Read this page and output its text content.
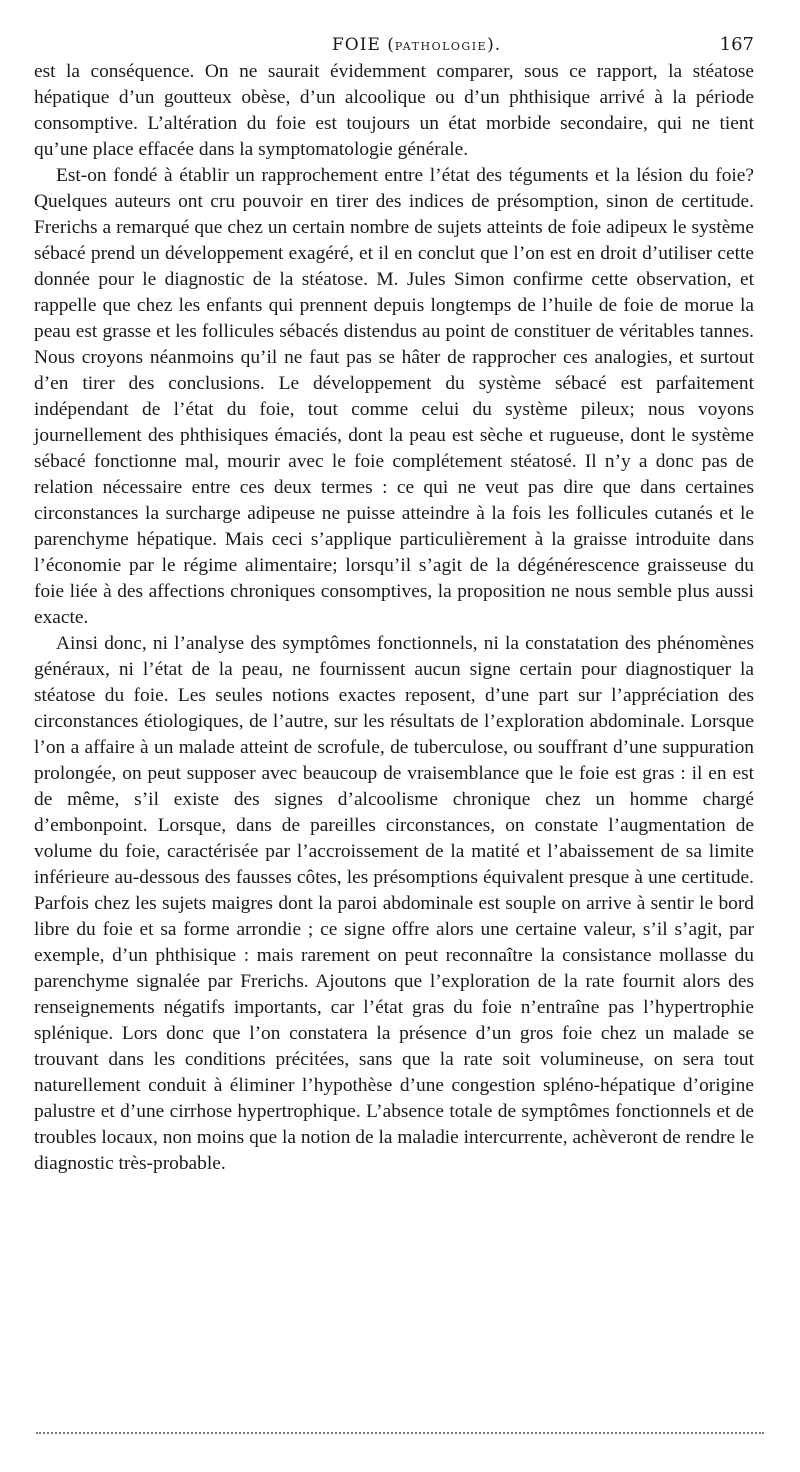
FOIE (PATHOLOGIE).	167

est la conséquence. On ne saurait évidemment comparer, sous ce rapport, la stéatose hépatique d’un goutteux obèse, d’un alcoolique ou d’un phthisique arrivé à la période consomptive. L’altération du foie est toujours un état morbide secondaire, qui ne tient qu’une place effacée dans la symptomatologie générale.

Est-on fondé à établir un rapprochement entre l’état des téguments et la lésion du foie? Quelques auteurs ont cru pouvoir en tirer des indices de présomption, sinon de certitude. Frerichs a remarqué que chez un certain nombre de sujets atteints de foie adipeux le système sébacé prend un développement exagéré, et il en conclut que l’on est en droit d’utiliser cette donnée pour le diagnostic de la stéatose. M. Jules Simon confirme cette observation, et rappelle que chez les enfants qui prennent depuis longtemps de l’huile de foie de morue la peau est grasse et les follicules sébacés distendus au point de constituer de véritables tannes. Nous croyons néanmoins qu’il ne faut pas se hâter de rapprocher ces analogies, et surtout d’en tirer des conclusions. Le développement du système sébacé est parfaitement indépendant de l’état du foie, tout comme celui du système pileux; nous voyons journellement des phthisiques émaciés, dont la peau est sèche et rugueuse, dont le système sébacé fonctionne mal, mourir avec le foie complétement stéatosé. Il n’y a donc pas de relation nécessaire entre ces deux termes : ce qui ne veut pas dire que dans certaines circonstances la surcharge adipeuse ne puisse atteindre à la fois les follicules cutanés et le parenchyme hépatique. Mais ceci s’applique particulièrement à la graisse introduite dans l’économie par le régime alimentaire; lorsqu’il s’agit de la dégénérescence graisseuse du foie liée à des affections chroniques consomptives, la proposition ne nous semble plus aussi exacte.

Ainsi donc, ni l’analyse des symptômes fonctionnels, ni la constatation des phénomènes généraux, ni l’état de la peau, ne fournissent aucun signe certain pour diagnostiquer la stéatose du foie. Les seules notions exactes reposent, d’une part sur l’appréciation des circonstances étiologiques, de l’autre, sur les résultats de l’exploration abdominale. Lorsque l’on a affaire à un malade atteint de scrofule, de tuberculose, ou souffrant d’une suppuration prolongée, on peut supposer avec beaucoup de vraisemblance que le foie est gras : il en est de même, s’il existe des signes d’alcoolisme chronique chez un homme chargé d’embonpoint. Lorsque, dans de pareilles circonstances, on constate l’augmentation de volume du foie, caractérisée par l’accroissement de la matité et l’abaissement de sa limite inférieure au-dessous des fausses côtes, les présomptions équivalent presque à une certitude. Parfois chez les sujets maigres dont la paroi abdominale est souple on arrive à sentir le bord libre du foie et sa forme arrondie ; ce signe offre alors une certaine valeur, s’il s’agit, par exemple, d’un phthisique : mais rarement on peut reconnaître la consistance mollasse du parenchyme signalée par Frerichs. Ajoutons que l’exploration de la rate fournit alors des renseignements négatifs importants, car l’état gras du foie n’entraîne pas l’hypertrophie splénique. Lors donc que l’on constatera la présence d’un gros foie chez un malade se trouvant dans les conditions précitées, sans que la rate soit volumineuse, on sera tout naturellement conduit à éliminer l’hypothèse d’une congestion spléno-hépatique d’origine palustre et d’une cirrhose hypertrophique. L’absence totale de symptômes fonctionnels et de troubles locaux, non moins que la notion de la maladie intercurrente, achèveront de rendre le diagnostic très-probable.
